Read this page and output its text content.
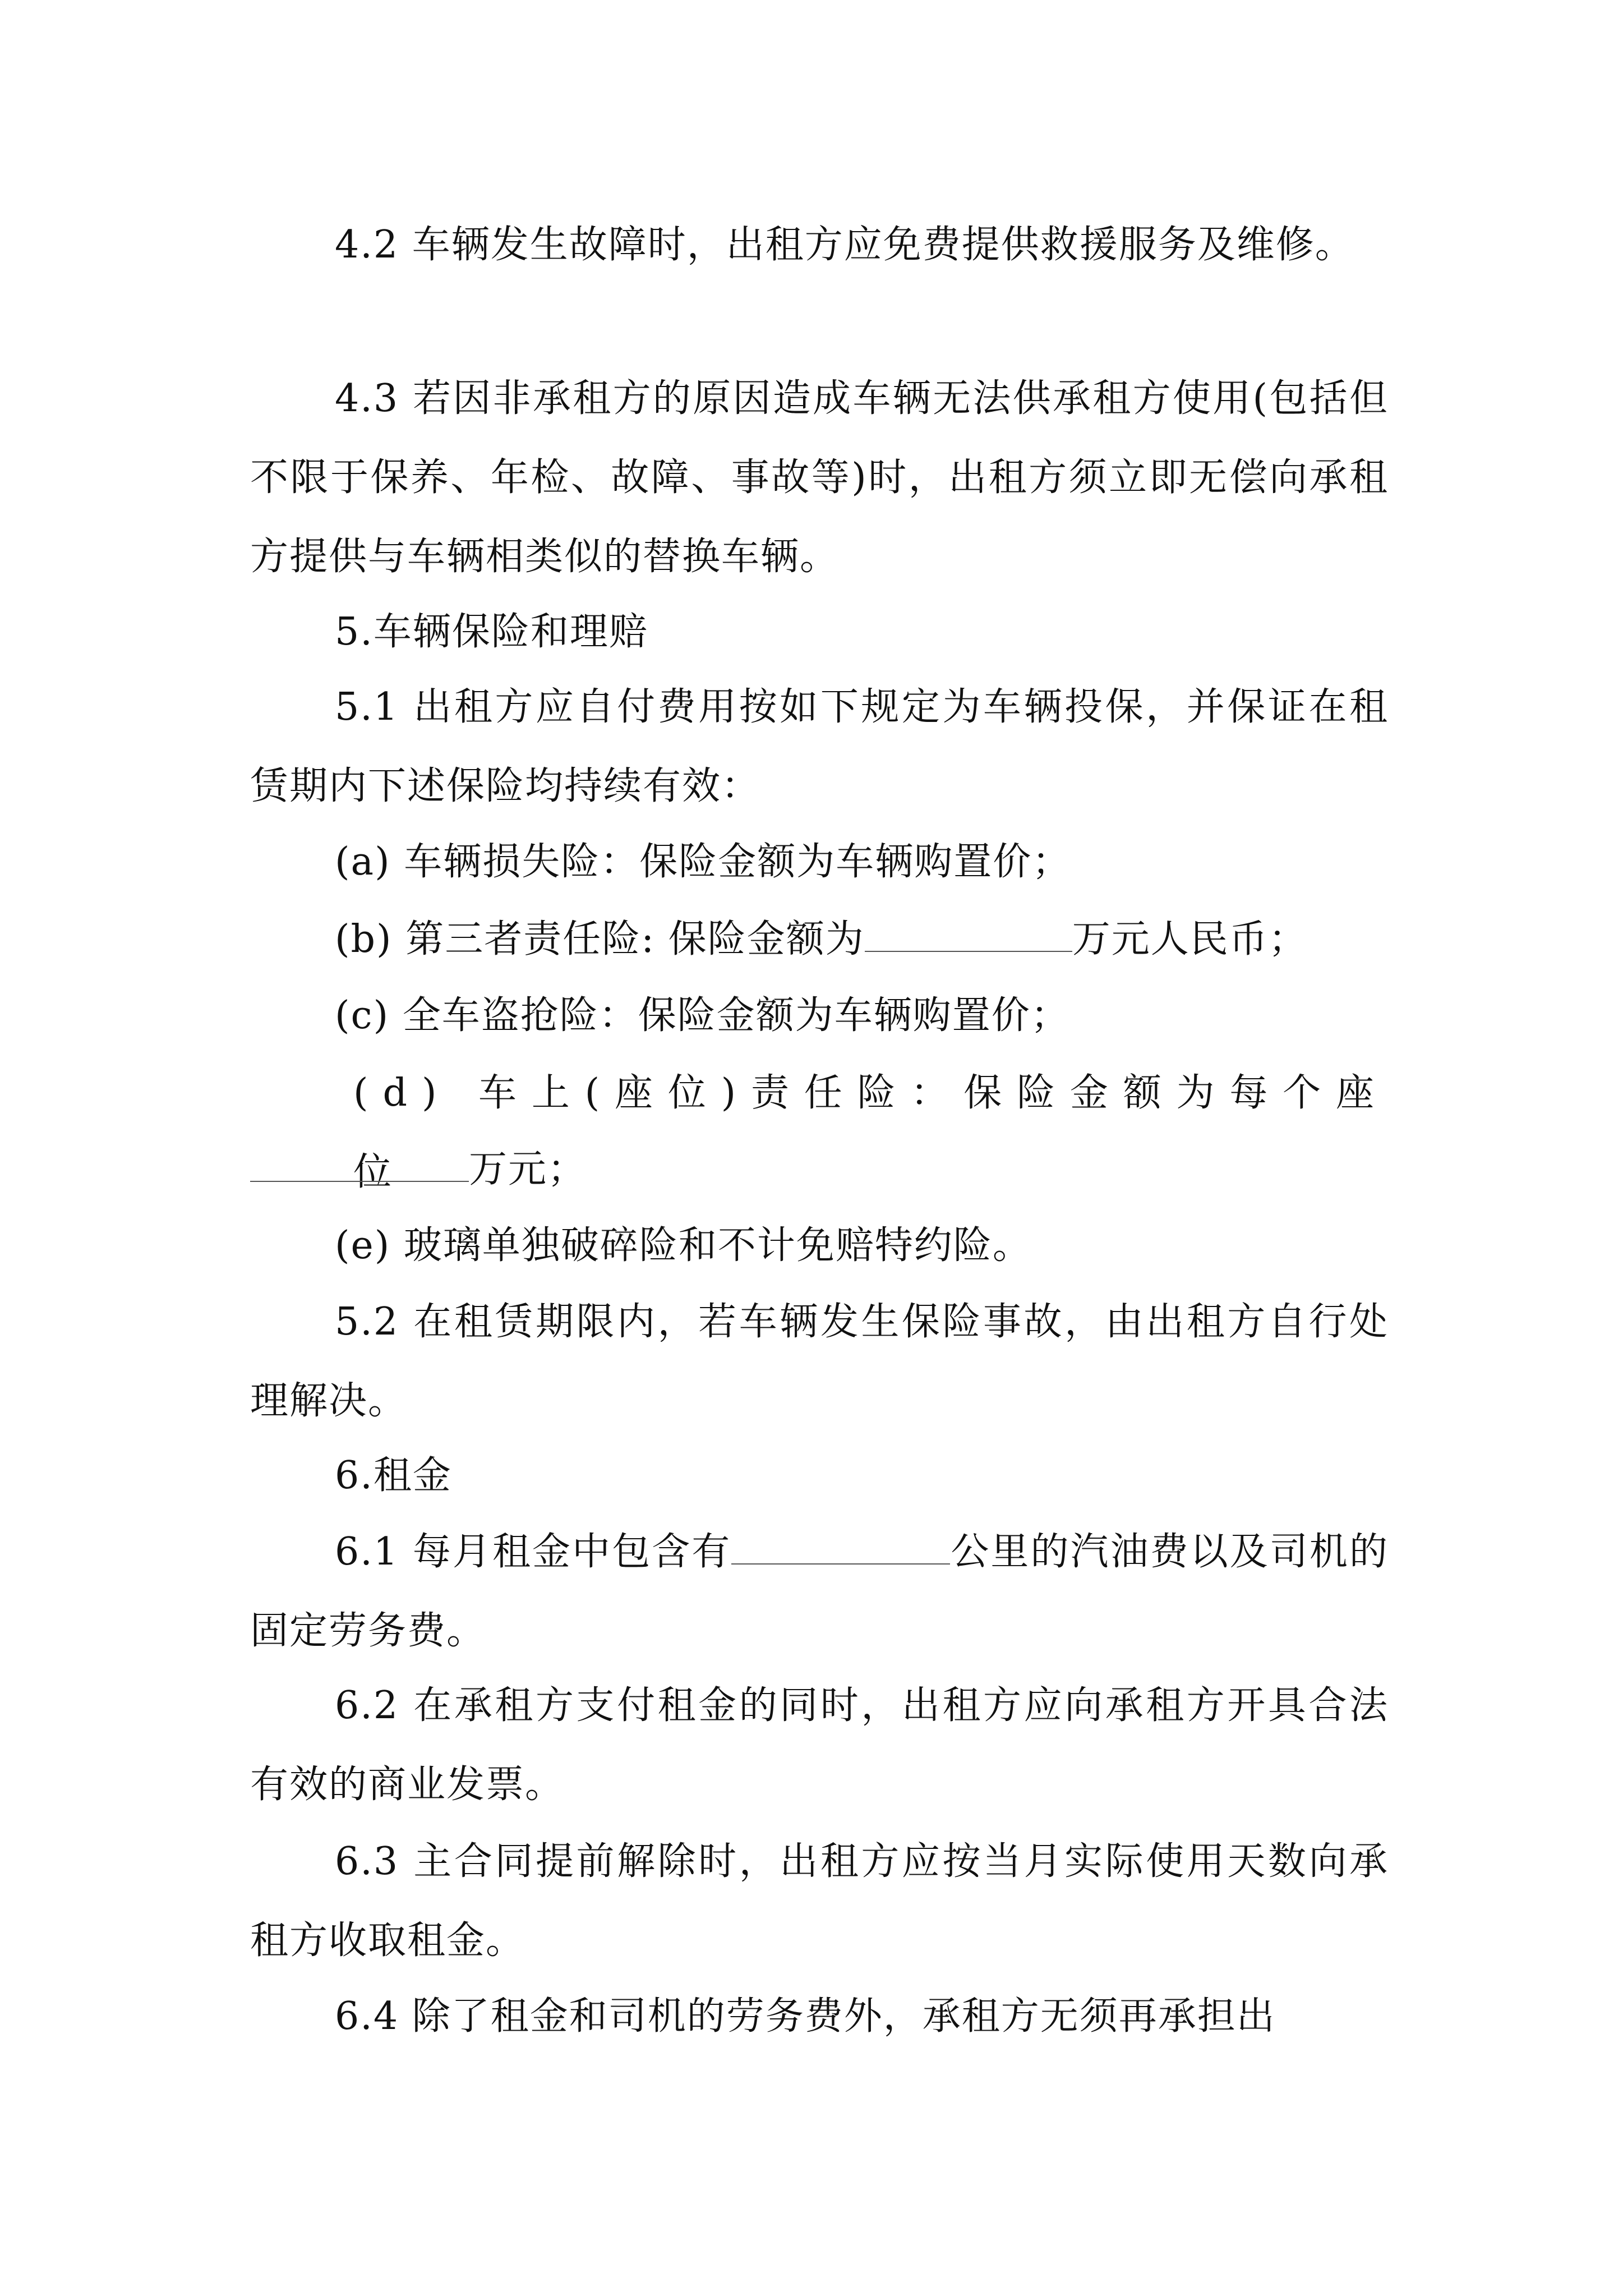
4.2 车辆发生故障时，出租方应免费提供救援服务及维修。

4.3 若因非承租方的原因造成车辆无法供承租方使用(包括但不限于保养、年检、故障、事故等)时，出租方须立即无偿向承租方提供与车辆相类似的替换车辆。

5.车辆保险和理赔

5.1 出租方应自付费用按如下规定为车辆投保，并保证在租赁期内下述保险均持续有效：

(a) 车辆损失险：保险金额为车辆购置价；

(b) 第三者责任险: 保险金额为	万元人民币；

(c) 全车盗抢险：保险金额为车辆购置价；

(d) 车上(座位)责任险：保险金额为每个座位	万元；

(e) 玻璃单独破碎险和不计免赔特约险。

5.2 在租赁期限内，若车辆发生保险事故，由出租方自行处理解决。

6.租金

6.1 每月租金中包含有	公里的汽油费以及司机的固定劳务费。

6.2 在承租方支付租金的同时，出租方应向承租方开具合法有效的商业发票。

6.3 主合同提前解除时，出租方应按当月实际使用天数向承租方收取租金。

6.4 除了租金和司机的劳务费外，承租方无须再承担出
